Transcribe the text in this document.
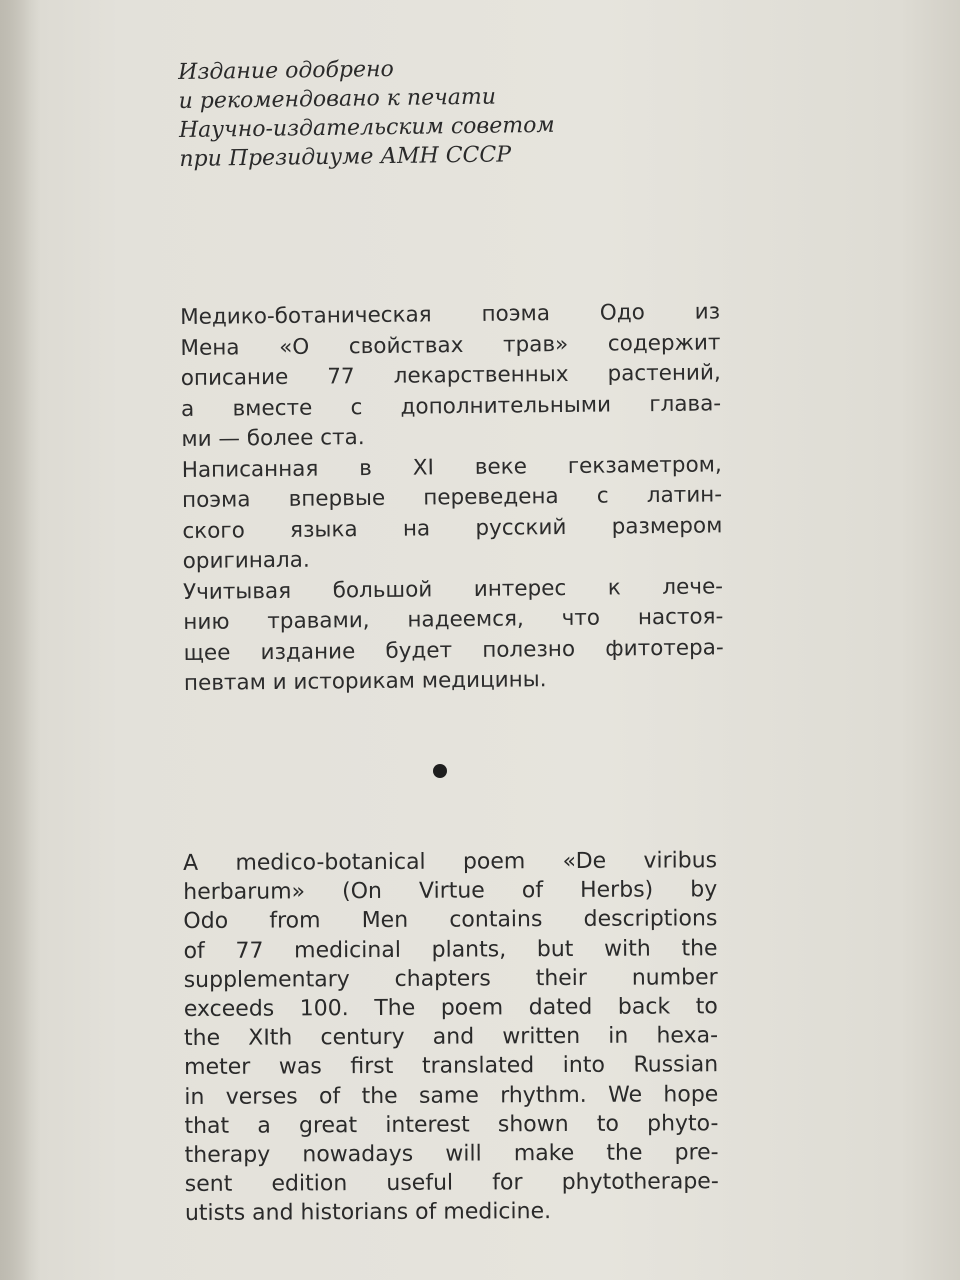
Издание одобрено
и рекомендовано к печати
Научно-издательским советом
при Президиуме АМН СССР
Медико-ботаническая поэма Одо из
Мена «О свойствах трав» содержит
описание 77 лекарственных растений,
а вместе с дополнительными глава-
ми — более ста.
Написанная в XI веке гекзаметром,
поэма впервые переведена с латин-
ского языка на русский размером
оригинала.
Учитывая большой интерес к лече-
нию травами, надеемся, что настоя-
щее издание будет полезно фитотера-
певтам и историкам медицины.
A medico-botanical poem «De viribus
herbarum» (On Virtue of Herbs) by
Odo from Men contains descriptions
of 77 medicinal plants, but with the
supplementary chapters their number
exceeds 100. The poem dated back to
the XIth century and written in hexa-
meter was first translated into Russian
in verses of the same rhythm. We hope
that a great interest shown to phyto-
therapy nowadays will make the pre-
sent edition useful for phytotherape-
utists and historians of medicine.
